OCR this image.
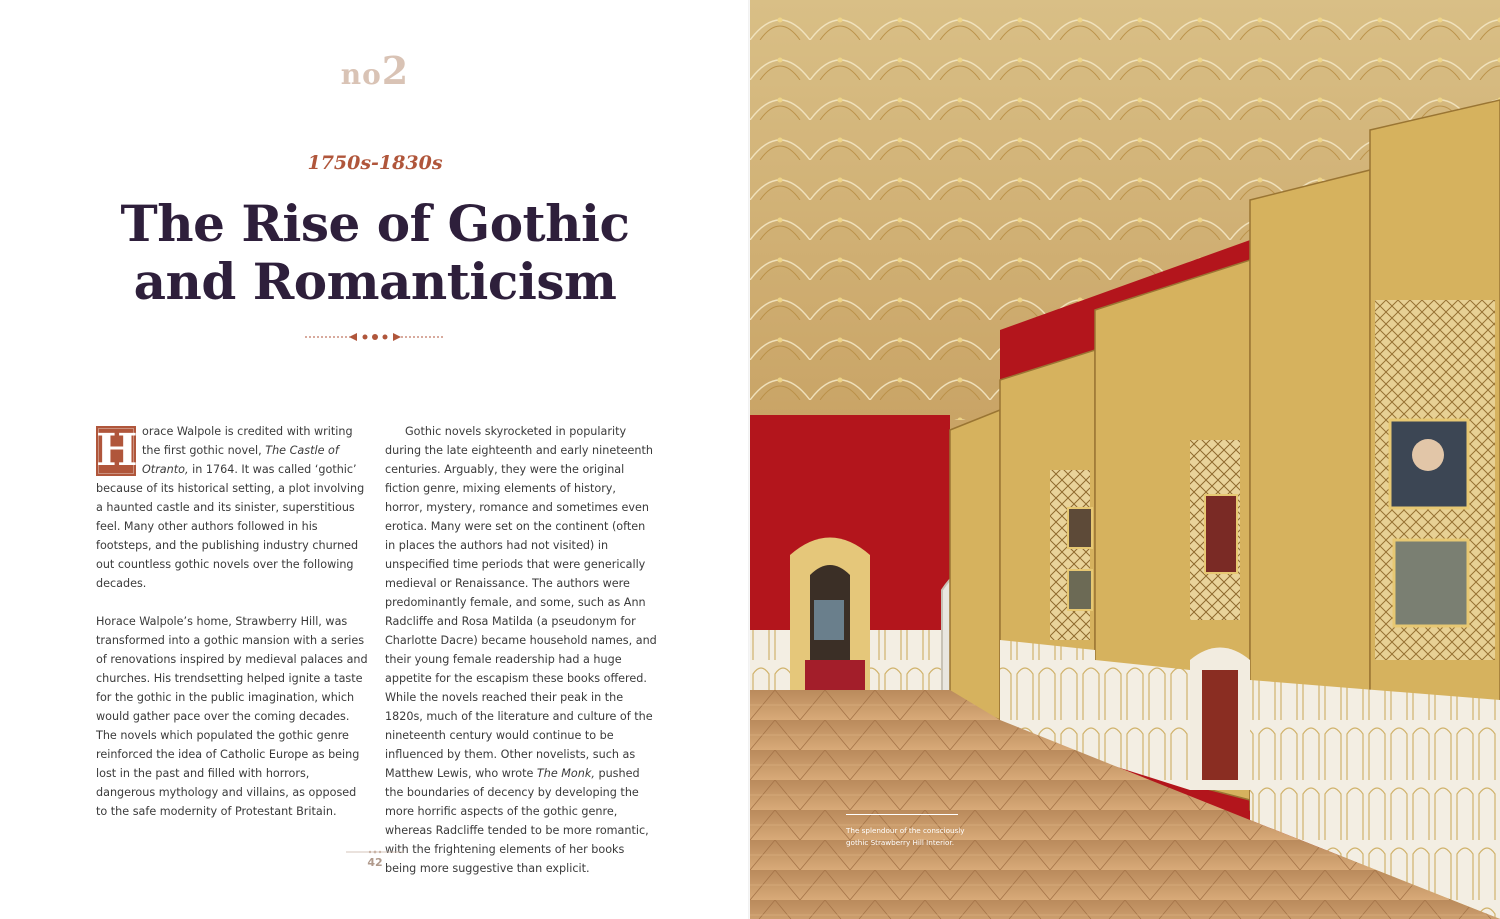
no2
1750s-1830s
The Rise of Gothic
and Romanticism

H orace Walpole is credited with writing the first gothic novel, The Castle of Otranto, in 1764. It was called ‘gothic’ because of its historical setting, a plot involving a haunted castle and its sinister, superstitious feel. Many other authors followed in his footsteps, and the publishing industry churned out countless gothic novels over the following decades.

Horace Walpole’s home, Strawberry Hill, was transformed into a gothic mansion with a series of renovations inspired by medieval palaces and churches. His trendsetting helped ignite a taste for the gothic in the public imagination, which would gather pace over the coming decades. The novels which populated the gothic genre reinforced the idea of Catholic Europe as being lost in the past and filled with horrors, dangerous mythology and villains, as opposed to the safe modernity of Protestant Britain.

Gothic novels skyrocketed in popularity during the late eighteenth and early nineteenth centuries. Arguably, they were the original fiction genre, mixing elements of history, horror, mystery, romance and sometimes even erotica. Many were set on the continent (often in places the authors had not visited) in unspecified time periods that were generically medieval or Renaissance. The authors were predominantly female, and some, such as Ann Radcliffe and Rosa Matilda (a pseudonym for Charlotte Dacre) became household names, and their young female readership had a huge appetite for the escapism these books offered. While the novels reached their peak in the 1820s, much of the literature and culture of the nineteenth century would continue to be influenced by them. Other novelists, such as Matthew Lewis, who wrote The Monk, pushed the boundaries of decency by developing the more horrific aspects of the gothic genre, whereas Radcliffe tended to be more romantic, with the frightening elements of her books being more suggestive than explicit.

42
The splendour of the consciously gothic Strawberry Hill Interior.
